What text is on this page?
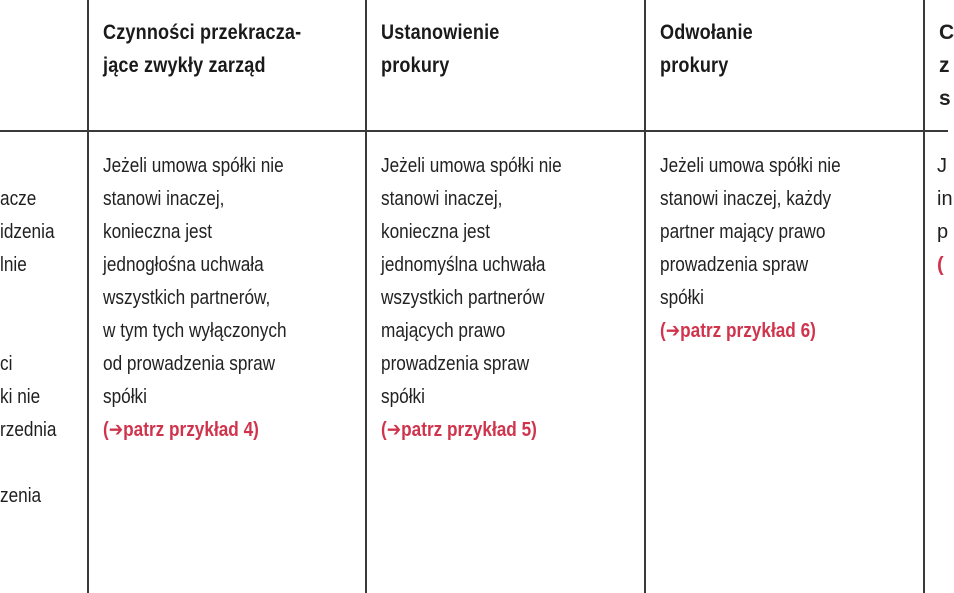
acze
idzenia
lnie
ci
ki nie
rzednia
zenia
Czynności przekracza-
jące zwykły zarząd
Jeżeli umowa spółki nie
stanowi inaczej,
konieczna jest
jednogłośna uchwała
wszystkich partnerów,
w tym tych wyłączonych
od prowadzenia spraw
spółki
(➔patrz przykład 4)
Ustanowienie
prokury
Jeżeli umowa spółki nie
stanowi inaczej,
konieczna jest
jednomyślna uchwała
wszystkich partnerów
mających prawo
prowadzenia spraw
spółki
(➔patrz przykład 5)
Odwołanie
prokury
Jeżeli umowa spółki nie
stanowi inaczej, każdy
partner mający prawo
prowadzenia spraw
spółki
(➔patrz przykład 6)
C
z
s
J
in
p
(
